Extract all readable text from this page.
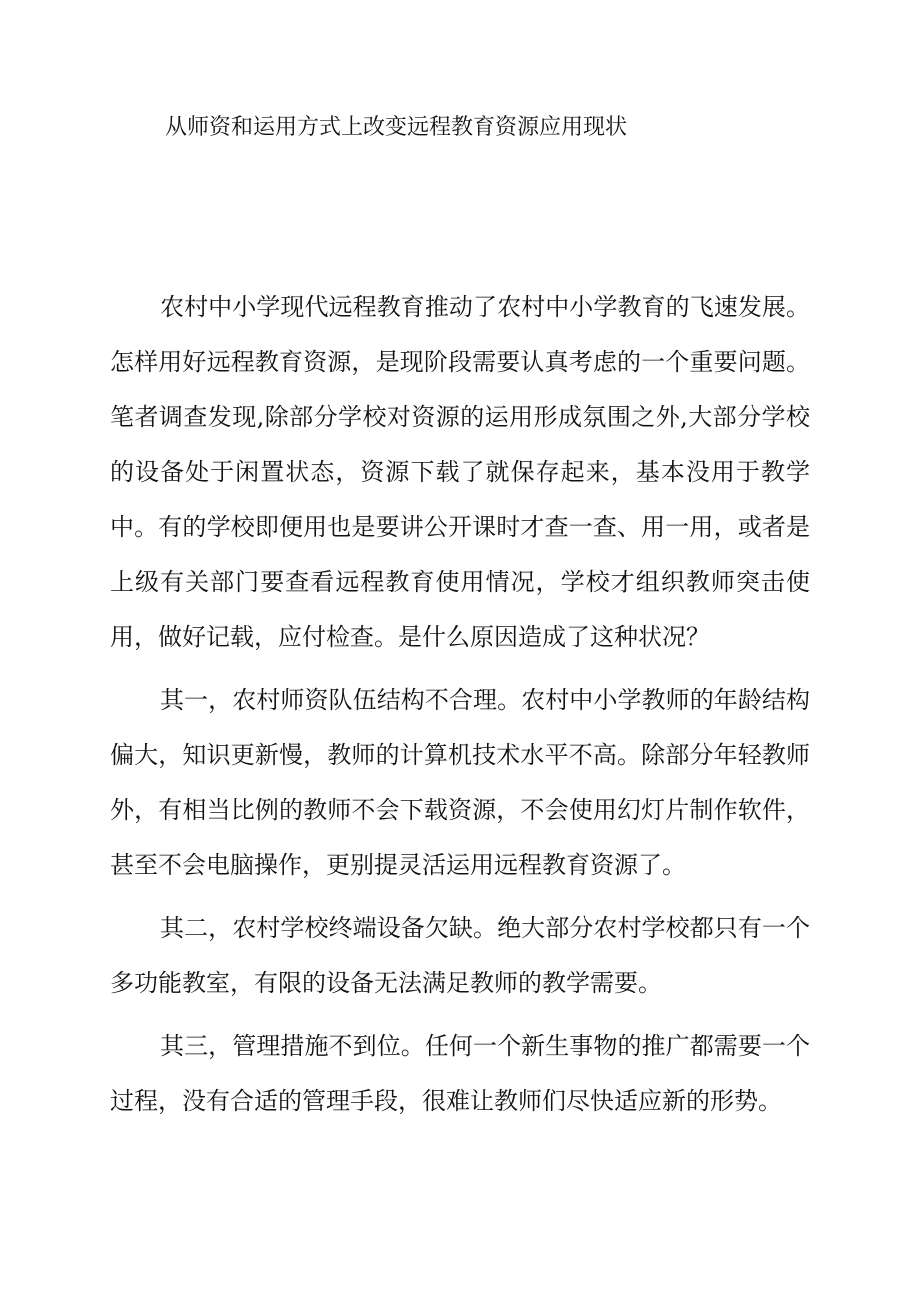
从师资和运用方式上改变远程教育资源应用现状

农村中小学现代远程教育推动了农村中小学教育的飞速发展。怎样用好远程教育资源，是现阶段需要认真考虑的一个重要问题。笔者调查发现,除部分学校对资源的运用形成氛围之外,大部分学校的设备处于闲置状态，资源下载了就保存起来，基本没用于教学中。有的学校即便用也是要讲公开课时才查一查、用一用，或者是上级有关部门要查看远程教育使用情况，学校才组织教师突击使用，做好记载，应付检查。是什么原因造成了这种状况？

其一，农村师资队伍结构不合理。农村中小学教师的年龄结构偏大，知识更新慢，教师的计算机技术水平不高。除部分年轻教师外，有相当比例的教师不会下载资源，不会使用幻灯片制作软件，甚至不会电脑操作，更别提灵活运用远程教育资源了。

其二，农村学校终端设备欠缺。绝大部分农村学校都只有一个多功能教室，有限的设备无法满足教师的教学需要。

其三，管理措施不到位。任何一个新生事物的推广都需要一个过程，没有合适的管理手段，很难让教师们尽快适应新的形势。
